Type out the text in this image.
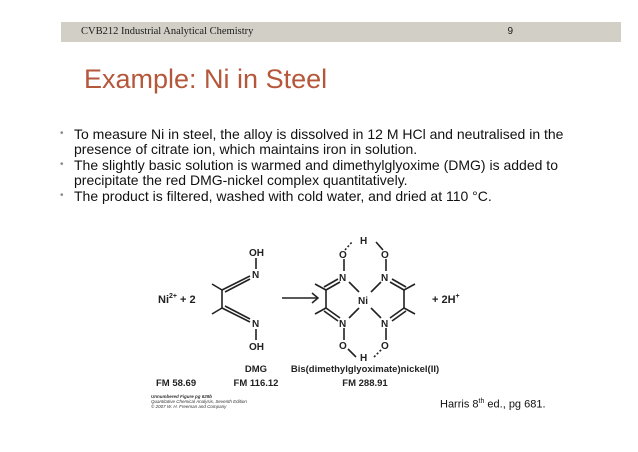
CVB212 Industrial Analytical Chemistry	9
Example: Ni in Steel
• To measure Ni in steel, the alloy is dissolved in 12 M HCl and neutralised in the presence of citrate ion, which maintains iron in solution.
• The slightly basic solution is warmed and dimethylglyoxime (DMG) is added to precipitate the red DMG-nickel complex quantitatively.
• The product is filtered, washed with cold water, and dried at 110 °C.
$Ni^{2+} + 2$
OH
N
N
OH
H
O	O
N	N
Ni
N	N
O	O
H
+ 2H+
DMG Bis(dimethylglyoximate)nickel(II)
FM 58.69	FM 116.12	FM 288.91
Unnumbered Figure pg 629b
Quantitative Chemical Analysis, Seventh Edition
© 2007 W. H. Freeman and Company	Harris 8th ed., pg 681.
